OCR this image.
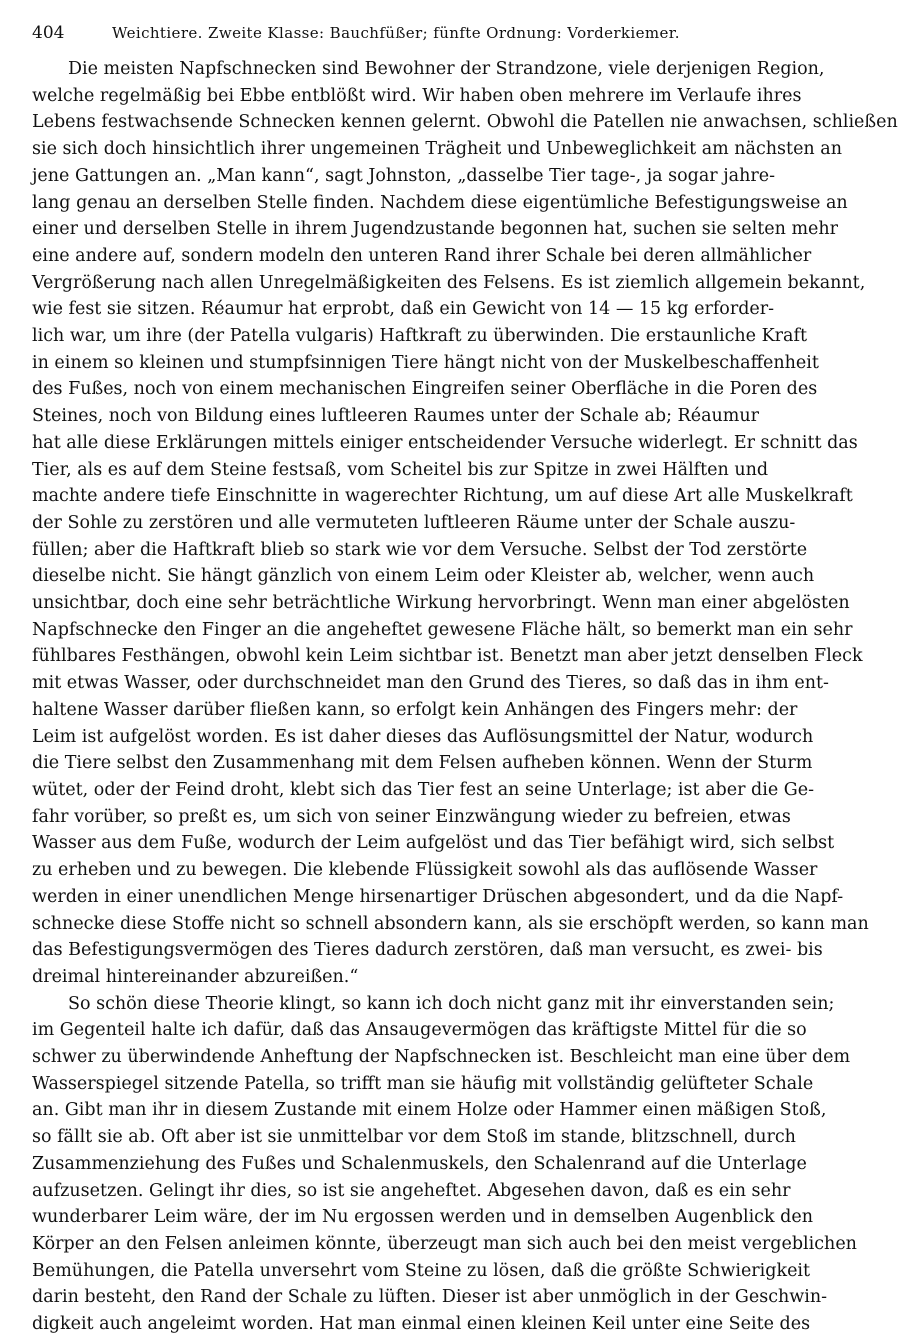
404	Weichtiere. Zweite Klasse: Bauchfüßer; fünfte Ordnung: Vorderkiemer.

Die meisten Napfschnecken sind Bewohner der Strandzone, viele derjenigen Region,
welche regelmäßig bei Ebbe entblößt wird. Wir haben oben mehrere im Verlaufe ihres
Lebens festwachsende Schnecken kennen gelernt. Obwohl die Patellen nie anwachsen, schließen
sie sich doch hinsichtlich ihrer ungemeinen Trägheit und Unbeweglichkeit am nächsten an
jene Gattungen an. „Man kann“, sagt Johnston, „dasselbe Tier tage-, ja sogar jahre-
lang genau an derselben Stelle finden. Nachdem diese eigentümliche Befestigungsweise an
einer und derselben Stelle in ihrem Jugendzustande begonnen hat, suchen sie selten mehr
eine andere auf, sondern modeln den unteren Rand ihrer Schale bei deren allmählicher
Vergrößerung nach allen Unregelmäßigkeiten des Felsens. Es ist ziemlich allgemein bekannt,
wie fest sie sitzen. Réaumur hat erprobt, daß ein Gewicht von 14 — 15 kg erforder-
lich war, um ihre (der Patella vulgaris) Haftkraft zu überwinden. Die erstaunliche Kraft
in einem so kleinen und stumpfsinnigen Tiere hängt nicht von der Muskelbeschaffenheit
des Fußes, noch von einem mechanischen Eingreifen seiner Oberfläche in die Poren des
Steines, noch von Bildung eines luftleeren Raumes unter der Schale ab; Réaumur
hat alle diese Erklärungen mittels einiger entscheidender Versuche widerlegt. Er schnitt das
Tier, als es auf dem Steine festsaß, vom Scheitel bis zur Spitze in zwei Hälften und
machte andere tiefe Einschnitte in wagerechter Richtung, um auf diese Art alle Muskelkraft
der Sohle zu zerstören und alle vermuteten luftleeren Räume unter der Schale auszu-
füllen; aber die Haftkraft blieb so stark wie vor dem Versuche. Selbst der Tod zerstörte
dieselbe nicht. Sie hängt gänzlich von einem Leim oder Kleister ab, welcher, wenn auch
unsichtbar, doch eine sehr beträchtliche Wirkung hervorbringt. Wenn man einer abgelösten
Napfschnecke den Finger an die angeheftet gewesene Fläche hält, so bemerkt man ein sehr
fühlbares Festhängen, obwohl kein Leim sichtbar ist. Benetzt man aber jetzt denselben Fleck
mit etwas Wasser, oder durchschneidet man den Grund des Tieres, so daß das in ihm ent-
haltene Wasser darüber fließen kann, so erfolgt kein Anhängen des Fingers mehr: der
Leim ist aufgelöst worden. Es ist daher dieses das Auflösungsmittel der Natur, wodurch
die Tiere selbst den Zusammenhang mit dem Felsen aufheben können. Wenn der Sturm
wütet, oder der Feind droht, klebt sich das Tier fest an seine Unterlage; ist aber die Ge-
fahr vorüber, so preßt es, um sich von seiner Einzwängung wieder zu befreien, etwas
Wasser aus dem Fuße, wodurch der Leim aufgelöst und das Tier befähigt wird, sich selbst
zu erheben und zu bewegen. Die klebende Flüssigkeit sowohl als das auflösende Wasser
werden in einer unendlichen Menge hirsenartiger Drüschen abgesondert, und da die Napf-
schnecke diese Stoffe nicht so schnell absondern kann, als sie erschöpft werden, so kann man
das Befestigungsvermögen des Tieres dadurch zerstören, daß man versucht, es zwei- bis
dreimal hintereinander abzureißen.“

So schön diese Theorie klingt, so kann ich doch nicht ganz mit ihr einverstanden sein;
im Gegenteil halte ich dafür, daß das Ansaugevermögen das kräftigste Mittel für die so
schwer zu überwindende Anheftung der Napfschnecken ist. Beschleicht man eine über dem
Wasserspiegel sitzende Patella, so trifft man sie häufig mit vollständig gelüfteter Schale
an. Gibt man ihr in diesem Zustande mit einem Holze oder Hammer einen mäßigen Stoß,
so fällt sie ab. Oft aber ist sie unmittelbar vor dem Stoß im stande, blitzschnell, durch
Zusammenziehung des Fußes und Schalenmuskels, den Schalenrand auf die Unterlage
aufzusetzen. Gelingt ihr dies, so ist sie angeheftet. Abgesehen davon, daß es ein sehr
wunderbarer Leim wäre, der im Nu ergossen werden und in demselben Augenblick den
Körper an den Felsen anleimen könnte, überzeugt man sich auch bei den meist vergeblichen
Bemühungen, die Patella unversehrt vom Steine zu lösen, daß die größte Schwierigkeit
darin besteht, den Rand der Schale zu lüften. Dieser ist aber unmöglich in der Geschwin-
digkeit auch angeleimt worden. Hat man einmal einen kleinen Keil unter eine Seite des
